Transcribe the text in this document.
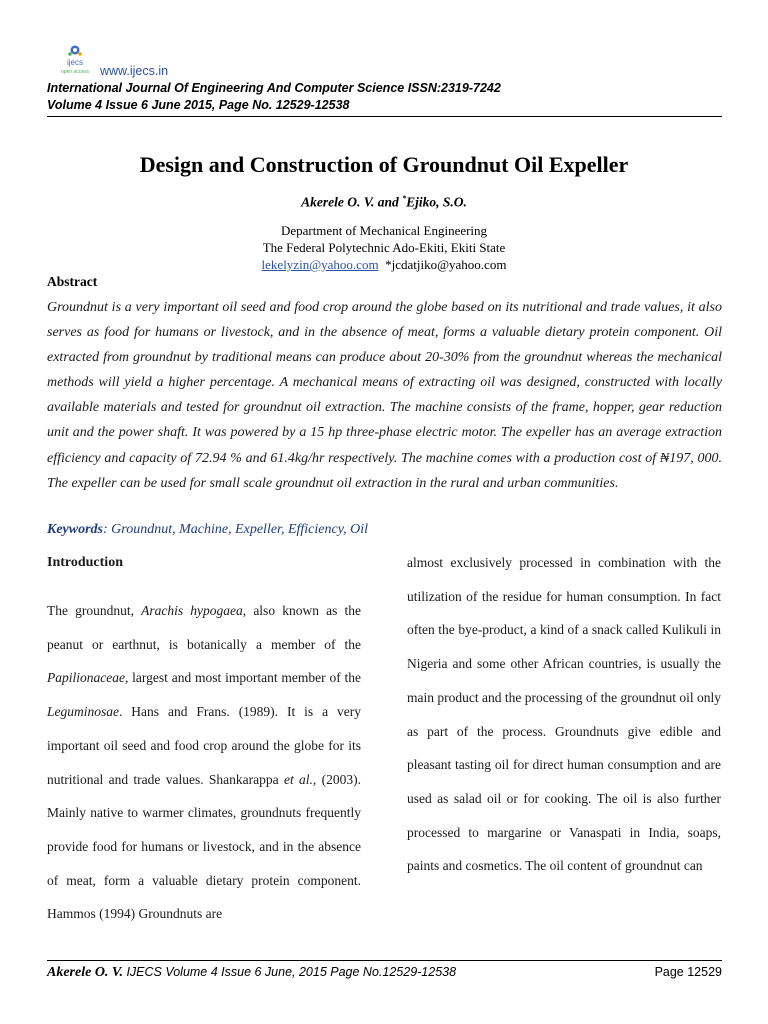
ijecs
open access www.ijecs.in
International Journal Of Engineering And Computer Science ISSN:2319-7242
Volume 4 Issue 6 June 2015, Page No. 12529-12538
Design and Construction of Groundnut Oil Expeller
Akerele O. V. and *Ejiko, S.O.
Department of Mechanical Engineering
The Federal Polytechnic Ado-Ekiti, Ekiti State
lekelyzin@yahoo.com *jcdatjiko@yahoo.com
Abstract
Groundnut is a very important oil seed and food crop around the globe based on its nutritional and trade values, it also serves as food for humans or livestock, and in the absence of meat, forms a valuable dietary protein component. Oil extracted from groundnut by traditional means can produce about 20-30% from the groundnut whereas the mechanical methods will yield a higher percentage. A mechanical means of extracting oil was designed, constructed with locally available materials and tested for groundnut oil extraction. The machine consists of the frame, hopper, gear reduction unit and the power shaft. It was powered by a 15 hp three-phase electric motor. The expeller has an average extraction efficiency and capacity of 72.94 % and 61.4kg/hr respectively. The machine comes with a production cost of ₦197, 000. The expeller can be used for small scale groundnut oil extraction in the rural and urban communities.
Keywords: Groundnut, Machine, Expeller, Efficiency, Oil
Introduction
The groundnut, Arachis hypogaea, also known as the peanut or earthnut, is botanically a member of the Papilionaceae, largest and most important member of the Leguminosae. Hans and Frans. (1989). It is a very important oil seed and food crop around the globe for its nutritional and trade values. Shankarappa et al., (2003). Mainly native to warmer climates, groundnuts frequently provide food for humans or livestock, and in the absence of meat, form a valuable dietary protein component. Hammos (1994) Groundnuts are
almost exclusively processed in combination with the utilization of the residue for human consumption. In fact often the bye-product, a kind of a snack called Kulikuli in Nigeria and some other African countries, is usually the main product and the processing of the groundnut oil only as part of the process. Groundnuts give edible and pleasant tasting oil for direct human consumption and are used as salad oil or for cooking. The oil is also further processed to margarine or Vanaspati in India, soaps, paints and cosmetics. The oil content of groundnut can
Akerele O. V. IJECS Volume 4 Issue 6 June, 2015 Page No.12529-12538	Page 12529
